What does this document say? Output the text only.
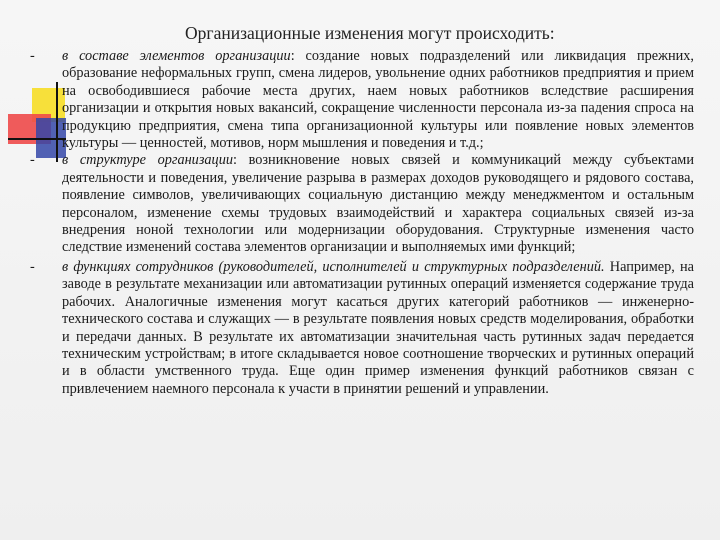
Организационные изменения могут происходить:

-	в составе элементов организации: создание новых подразделений или ликвидация прежних, образование неформальных групп, смена лидеров, увольнение одних работников предприятия и прием на освободившиеся рабочие места других, наем новых работников вследствие расширения организации и открытия новых вакансий, сокращение численности персонала из-за падения спроса на продукцию предприятия, смена типа организационной культуры или появление новых элементов культуры — ценностей, мотивов, норм мышления и поведения и т.д.;

-	в структуре организации: возникновение новых связей и коммуникаций между субъектами деятельности и поведения, увеличение разрыва в размерах доходов руководящего и рядового состава, появление символов, увеличивающих социальную дистанцию между менеджментом и остальным персоналом, изменение схемы трудовых взаимодействий и характера социальных связей из-за внедрения ноной технологии или модернизации оборудования. Структурные изменения часто следствие изменений состава элементов организации и выполняемых ими функций;

-	в функциях сотрудников (руководителей, исполнителей и структурных подразделений. Например, на заводе в результате механизации или автоматизации рутинных операций изменяется содержание труда рабочих. Аналогичные изменения могут касаться других категорий работников — инженерно-технического состава и служащих — в результате появления новых средств моделирования, обработки и передачи данных. В результате их автоматизации значительная часть рутинных задач передается техническим устройствам; в итоге складывается новое соотношение творческих и рутинных операций и в области умственного труда. Еще один пример изменения функций работников связан с привлечением наемного персонала к участи в принятии решений и управлении.
